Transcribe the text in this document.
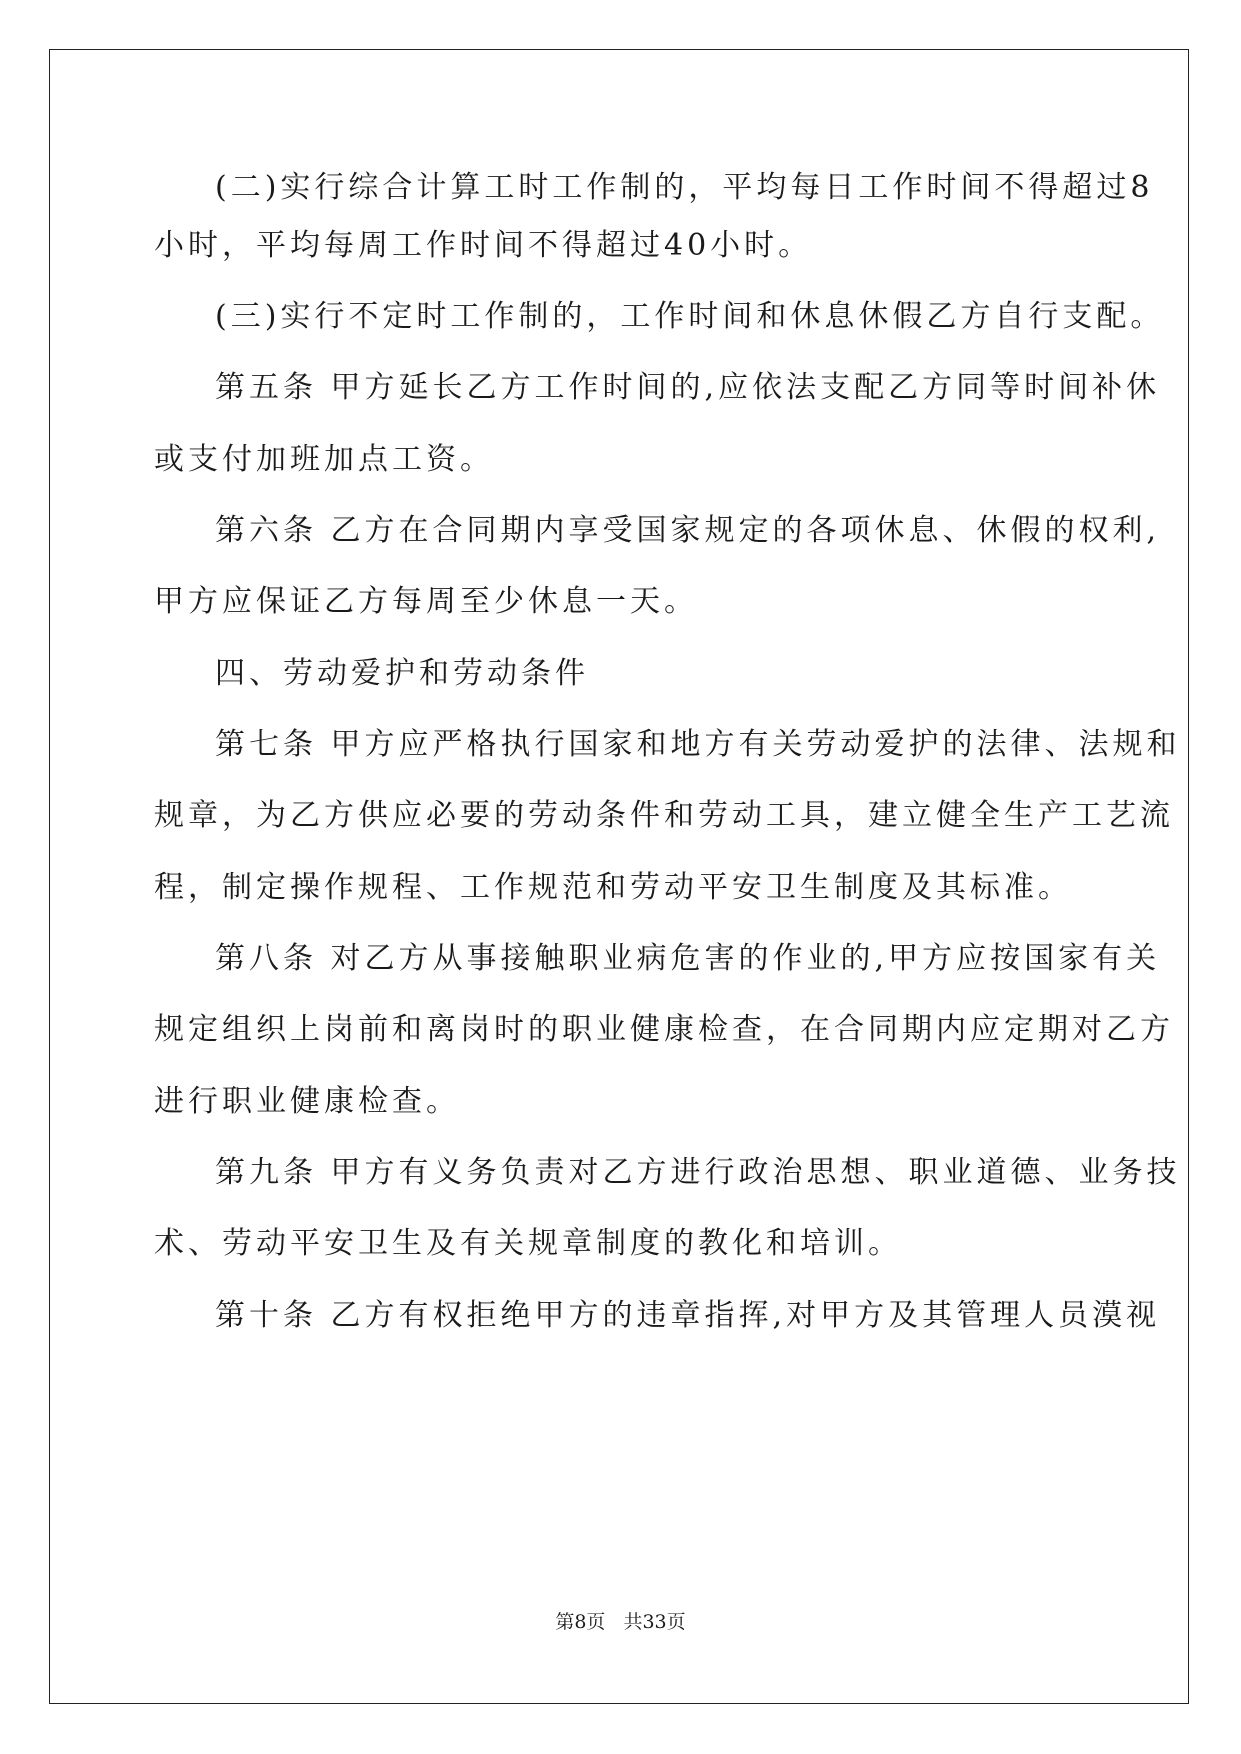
(二)实行综合计算工时工作制的，平均每日工作时间不得超过8

小时，平均每周工作时间不得超过40小时。

(三)实行不定时工作制的，工作时间和休息休假乙方自行支配。

第五条 甲方延长乙方工作时间的,应依法支配乙方同等时间补休

或支付加班加点工资。

第六条 乙方在合同期内享受国家规定的各项休息、休假的权利,

甲方应保证乙方每周至少休息一天。

四、劳动爱护和劳动条件

第七条 甲方应严格执行国家和地方有关劳动爱护的法律、法规和

规章，为乙方供应必要的劳动条件和劳动工具，建立健全生产工艺流

程，制定操作规程、工作规范和劳动平安卫生制度及其标准。

第八条 对乙方从事接触职业病危害的作业的,甲方应按国家有关

规定组织上岗前和离岗时的职业健康检查，在合同期内应定期对乙方

进行职业健康检查。

第九条 甲方有义务负责对乙方进行政治思想、职业道德、业务技

术、劳动平安卫生及有关规章制度的教化和培训。

第十条 乙方有权拒绝甲方的违章指挥,对甲方及其管理人员漠视

第8页 共33页
